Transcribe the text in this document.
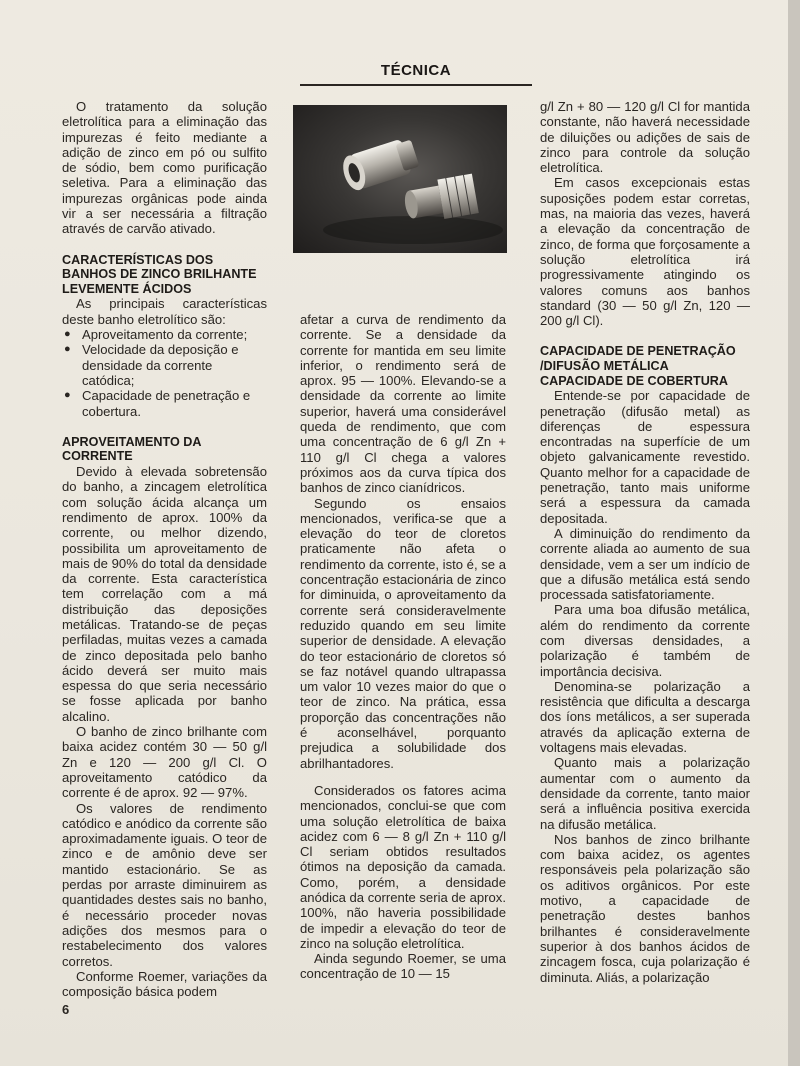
TÉCNICA

O tratamento da solução eletrolítica para a eliminação das impurezas é feito mediante a adição de zinco em pó ou sulfito de sódio, bem como purificação seletiva. Para a eliminação das impurezas orgânicas pode ainda vir a ser necessária a filtração através de carvão ativado.

CARACTERÍSTICAS DOS BANHOS DE ZINCO BRILHANTE LEVEMENTE ÁCIDOS

As principais características deste banho eletrolítico são:

● Aproveitamento da corrente;
● Velocidade da deposição e densidade da corrente catódica;
● Capacidade de penetração e cobertura.
APROVEITAMENTO DA CORRENTE

Devido à elevada sobretensão do banho, a zincagem eletrolítica com solução ácida alcança um rendimento de aprox. 100% da corrente, ou melhor dizendo, possibilita um aproveitamento de mais de 90% do total da densidade da corrente. Esta característica tem correlação com a má distribuição das deposições metálicas. Tratando-se de peças perfiladas, muitas vezes a camada de zinco depositada pelo banho ácido deverá ser muito mais espessa do que seria necessário se fosse aplicada por banho alcalino.

O banho de zinco brilhante com baixa acidez contém 30 — 50 g/l Zn e 120 — 200 g/l Cl. O aproveitamento catódico da corrente é de aprox. 92 — 97%.

Os valores de rendimento catódico e anódico da corrente são aproximadamente iguais. O teor de zinco e de amônio deve ser mantido estacionário. Se as perdas por arraste diminuirem as quantidades destes sais no banho, é necessário proceder novas adições dos mesmos para o restabelecimento dos valores corretos.

Conforme Roemer, variações da composição básica podem

afetar a curva de rendimento da corrente. Se a densidade da corrente for mantida em seu limite inferior, o rendimento será de aprox. 95 — 100%. Elevando-se a densidade da corrente ao limite superior, haverá uma considerável queda de rendimento, que com uma concentração de 6 g/l Zn + 110 g/l Cl chega a valores próximos aos da curva típica dos banhos de zinco cianídricos.

Segundo os ensaios mencionados, verifica-se que a elevação do teor de cloretos praticamente não afeta o rendimento da corrente, isto é, se a concentração estacionária de zinco for diminuida, o aproveitamento da corrente será consideravelmente reduzido quando em seu limite superior de densidade. A elevação do teor estacionário de cloretos só se faz notável quando ultrapassa um valor 10 vezes maior do que o teor de zinco. Na prática, essa proporção das concentrações não é aconselhável, porquanto prejudica a solubilidade dos abrilhantadores.

Considerados os fatores acima mencionados, conclui-se que com uma solução eletrolítica de baixa acidez com 6 — 8 g/l Zn + 110 g/l Cl seriam obtidos resultados ótimos na deposição da camada. Como, porém, a densidade anódica da corrente seria de aprox. 100%, não haveria possibilidade de impedir a elevação do teor de zinco na solução eletrolítica.

Ainda segundo Roemer, se uma concentração de 10 — 15

g/l Zn + 80 — 120 g/l Cl for mantida constante, não haverá necessidade de diluições ou adições de sais de zinco para controle da solução eletrolítica.

Em casos excepcionais estas suposições podem estar corretas, mas, na maioria das vezes, haverá a elevação da concentração de zinco, de forma que forçosamente a solução eletrolítica irá progressivamente atingindo os valores comuns aos banhos standard (30 — 50 g/l Zn, 120 — 200 g/l Cl).

CAPACIDADE DE PENETRAÇÃO /DIFUSÃO METÁLICA CAPACIDADE DE COBERTURA

Entende-se por capacidade de penetração (difusão metal) as diferenças de espessura encontradas na superfície de um objeto galvanicamente revestido. Quanto melhor for a capacidade de penetração, tanto mais uniforme será a espessura da camada depositada.

A diminuição do rendimento da corrente aliada ao aumento de sua densidade, vem a ser um indício de que a difusão metálica está sendo processada satisfatoriamente.

Para uma boa difusão metálica, além do rendimento da corrente com diversas densidades, a polarização é também de importância decisiva.

Denomina-se polarização a resistência que dificulta a descarga dos íons metálicos, a ser superada através da aplicação externa de voltagens mais elevadas.

Quanto mais a polarização aumentar com o aumento da densidade da corrente, tanto maior será a influência positiva exercida na difusão metálica.

Nos banhos de zinco brilhante com baixa acidez, os agentes responsáveis pela polarização são os aditivos orgânicos. Por este motivo, a capacidade de penetração destes banhos brilhantes é consideravelmente superior à dos banhos ácidos de zincagem fosca, cuja polarização é diminuta. Aliás, a polarização

6
